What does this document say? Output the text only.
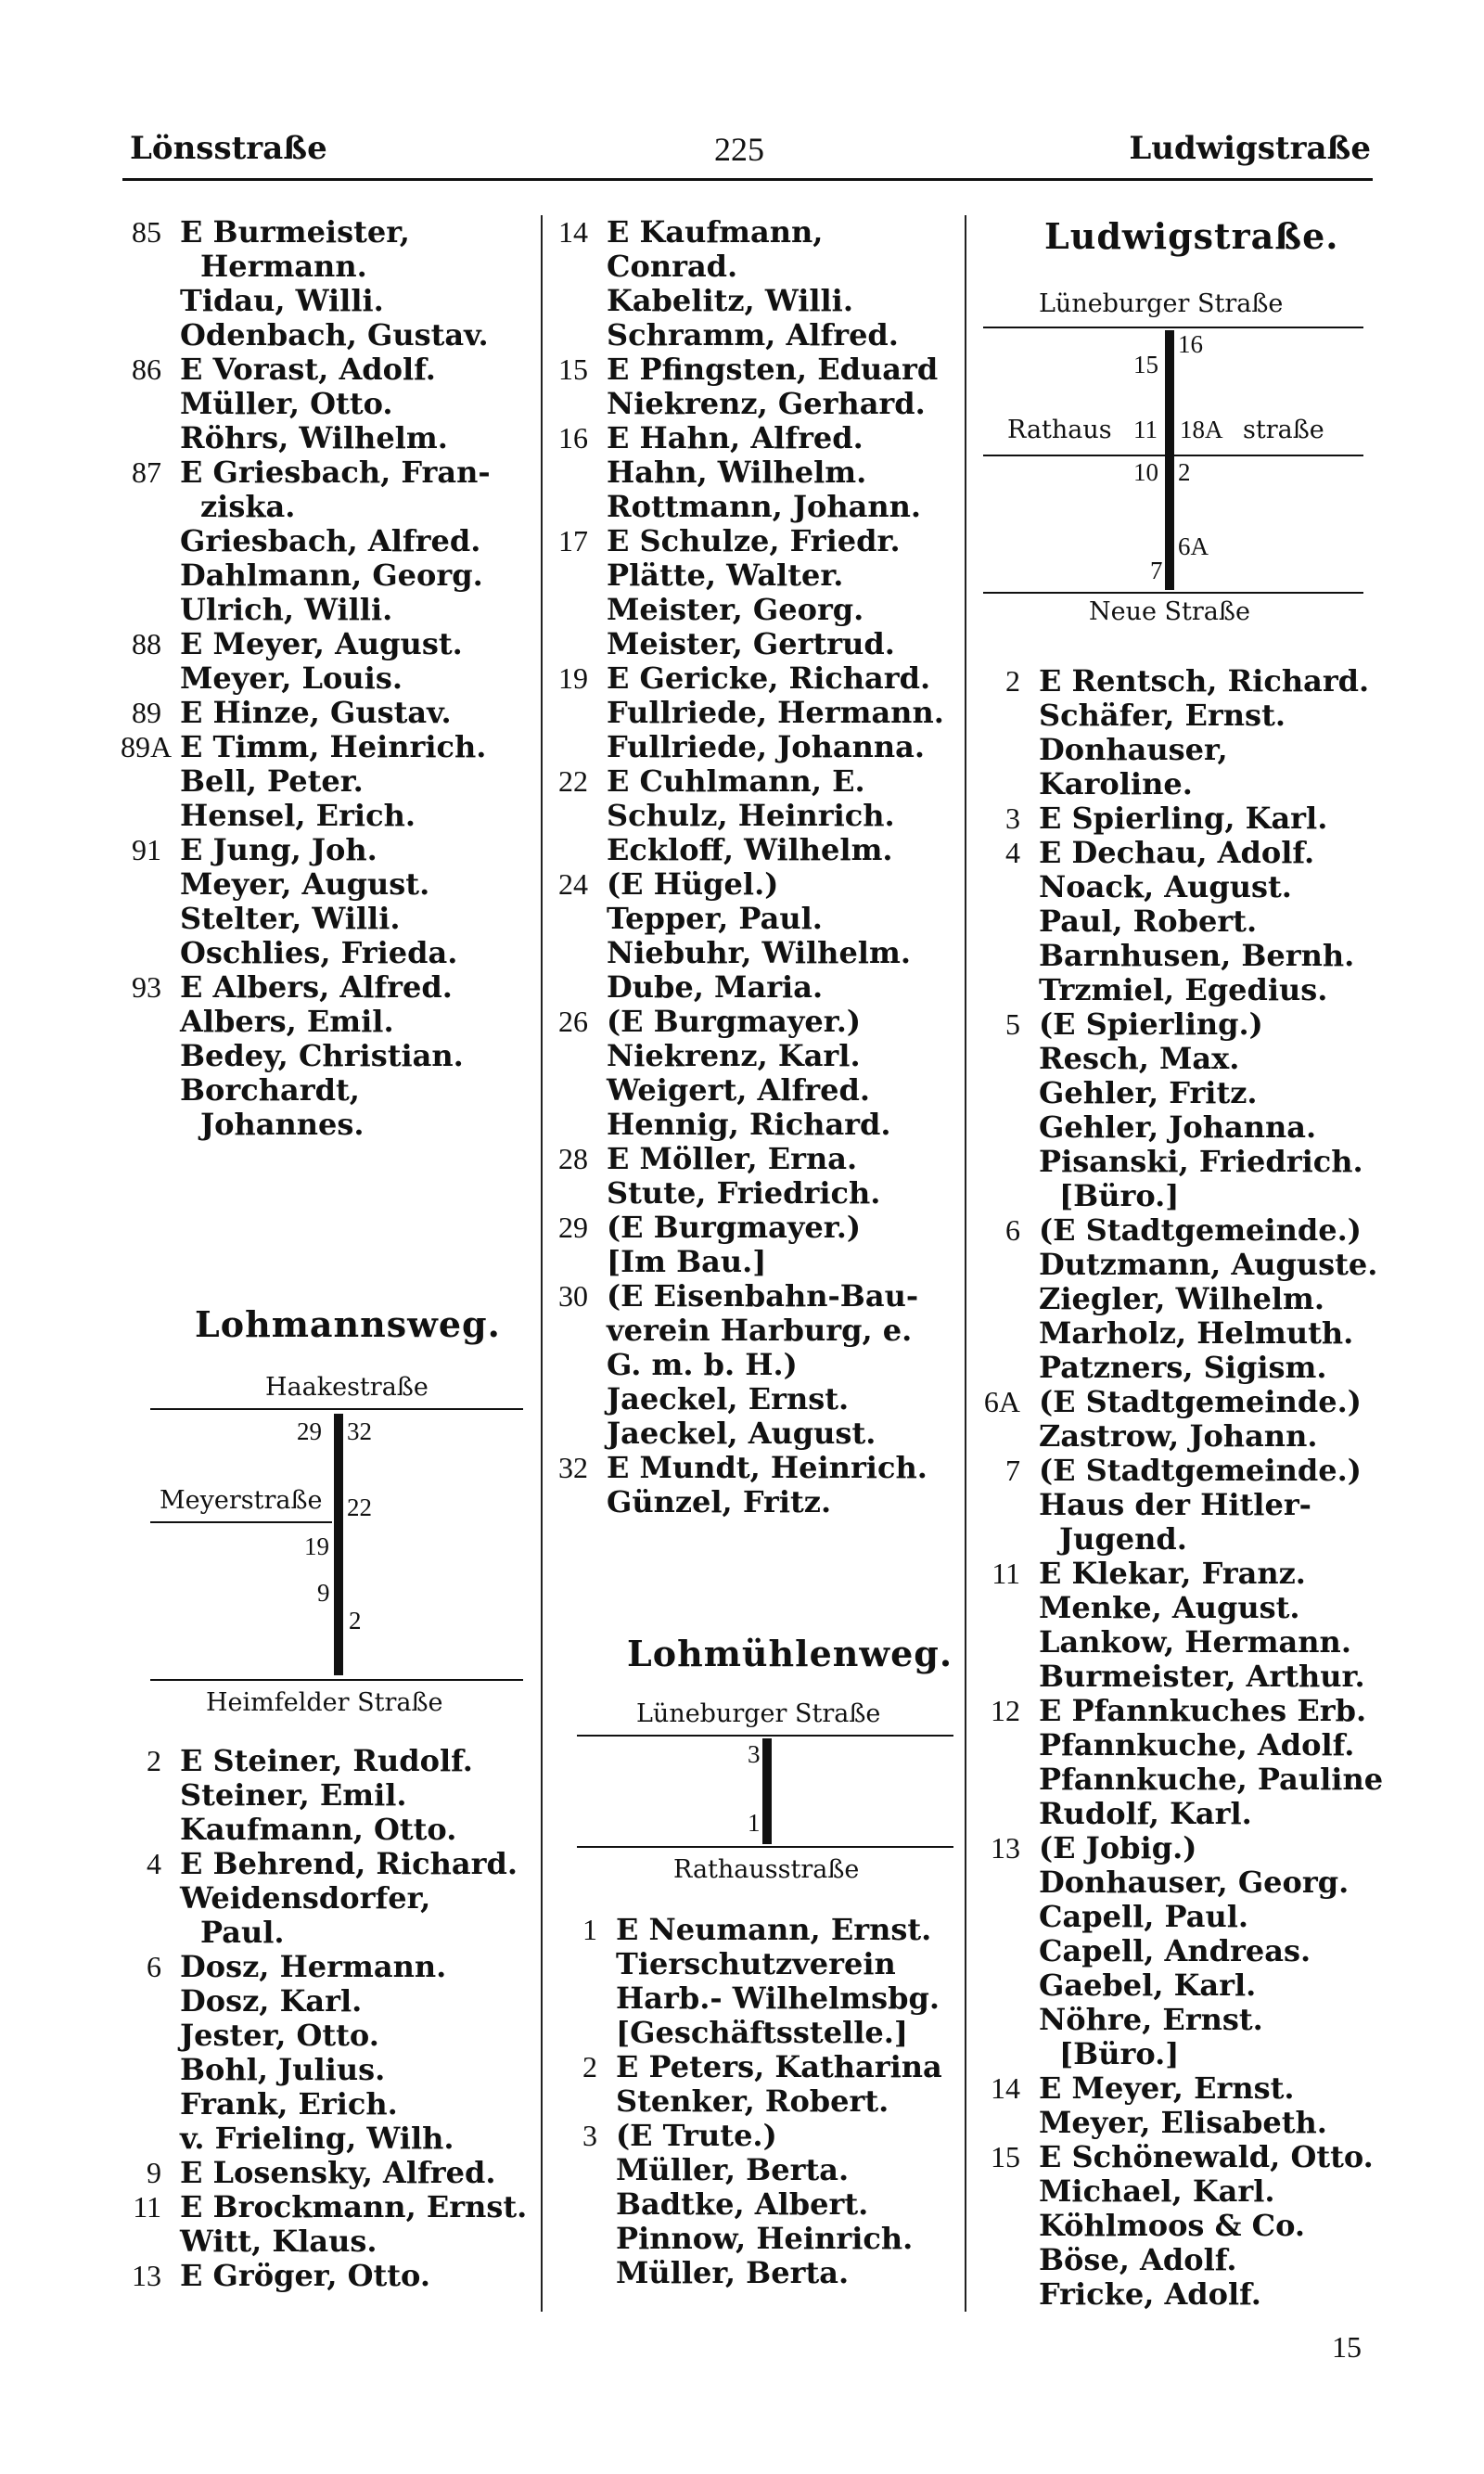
Lönsstraße	225	Ludwigstraße
85 E Burmeister,
Hermann.
Tidau, Willi.
Odenbach, Gustav.
86 E Vorast, Adolf.
Müller, Otto.
Röhrs, Wilhelm.
87 E Griesbach, Fran-
ziska.
Griesbach, Alfred.
Dahlmann, Georg.
Ulrich, Willi.
88 E Meyer, August.
Meyer, Louis.
89 E Hinze, Gustav.
89A E Timm, Heinrich.
Bell, Peter.
Hensel, Erich.
91 E Jung, Joh.
Meyer, August.
Stelter, Willi.
Oschlies, Frieda.
93 E Albers, Alfred.
Albers, Emil.
Bedey, Christian.
Borchardt,
Johannes.
Lohmannsweg.
Haakestraße
29 32
Meyerstraße 22
19
9
2
Heimfelder Straße
2 E Steiner, Rudolf.
Steiner, Emil.
Kaufmann, Otto.
4 E Behrend, Richard.
Weidensdorfer,
Paul.
6 Dosz, Hermann.
Dosz, Karl.
Jester, Otto.
Bohl, Julius.
Frank, Erich.
v. Frieling, Wilh.
9 E Losensky, Alfred.
11 E Brockmann, Ernst.
Witt, Klaus.
13 E Gröger, Otto.
14 E Kaufmann,
Conrad.
Kabelitz, Willi.
Schramm, Alfred.
15 E Pfingsten, Eduard
Niekrenz, Gerhard.
16 E Hahn, Alfred.
Hahn, Wilhelm.
Rottmann, Johann.
17 E Schulze, Friedr.
Plätte, Walter.
Meister, Georg.
Meister, Gertrud.
19 E Gericke, Richard.
Fullriede, Hermann.
Fullriede, Johanna.
22 E Cuhlmann, E.
Schulz, Heinrich.
Eckloff, Wilhelm.
24 (E Hügel.)
Tepper, Paul.
Niebuhr, Wilhelm.
Dube, Maria.
26 (E Burgmayer.)
Niekrenz, Karl.
Weigert, Alfred.
Hennig, Richard.
28 E Möller, Erna.
Stute, Friedrich.
29 (E Burgmayer.)
[Im Bau.]
30 (E Eisenbahn-Bau-
verein Harburg, e.
G. m. b. H.)
Jaeckel, Ernst.
Jaeckel, August.
32 E Mundt, Heinrich.
Günzel, Fritz.
Lohmühlenweg.
Lüneburger Straße
3
1
Rathausstraße
1 E Neumann, Ernst.
Tierschutzverein
Harb.- Wilhelmsbg.
[Geschäftsstelle.]
2 E Peters, Katharina
Stenker, Robert.
3 (E Trute.)
Müller, Berta.
Badtke, Albert.
Pinnow, Heinrich.
Müller, Berta.
Ludwigstraße.
Lüneburger Straße
16
15
Rathaus 11 18A straße
10 2
6A
7
Neue Straße
2 E Rentsch, Richard.
Schäfer, Ernst.
Donhauser, Karoline.
3 E Spierling, Karl.
4 E Dechau, Adolf.
Noack, August.
Paul, Robert.
Barnhusen, Bernh.
Trzmiel, Egedius.
5 (E Spierling.)
Resch, Max.
Gehler, Fritz.
Gehler, Johanna.
Pisanski, Friedrich.
[Büro.]
6 (E Stadtgemeinde.)
Dutzmann, Auguste.
Ziegler, Wilhelm.
Marholz, Helmuth.
Patzners, Sigism.
6A (E Stadtgemeinde.)
Zastrow, Johann.
7 (E Stadtgemeinde.)
Haus der Hitler-
Jugend.
11 E Klekar, Franz.
Menke, August.
Lankow, Hermann.
Burmeister, Arthur.
12 E Pfannkuches Erb.
Pfannkuche, Adolf.
Pfannkuche, Pauline
Rudolf, Karl.
13 (E Jobig.)
Donhauser, Georg.
Capell, Paul.
Capell, Andreas.
Gaebel, Karl.
Nöhre, Ernst.
[Büro.]
14 E Meyer, Ernst.
Meyer, Elisabeth.
15 E Schönewald, Otto.
Michael, Karl.
Köhlmoos & Co.
Böse, Adolf.
Fricke, Adolf.
15
